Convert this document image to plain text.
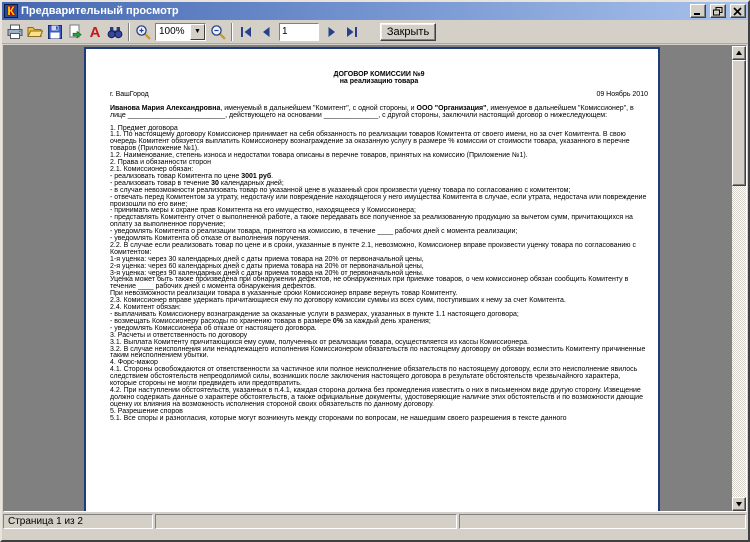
К Предварительный просмотр
A	100%	▼
1	Закрыть
ДОГОВОР КОМИССИИ №9
на реализацию товара
г. ВашГород	09 Ноябрь 2010
Иванова Мария Александровна, именуемый в дальнейшем "Комитент", с одной стороны, и ООО "Организация", именуемое в дальнейшем "Комиссионер", в лице _________________________, действующего на основании ______________, с другой стороны, заключили настоящий договор о нижеследующем:
1. Предмет договора
1.1. По настоящему договору Комиссионер принимает на себя обязанность по реализации товаров Комитента от своего имени, но за счет Комитента. В свою очередь Комитент обязуется выплатить Комиссионеру вознаграждение за оказанную услугу в размере % комиссии от стоимости товара, указанного в перечне товаров (Приложение №1).
1.2. Наименование, степень износа и недостатки товара описаны в перечне товаров, принятых на комиссию (Приложение №1).
2. Права и обязанности сторон
2.1. Комиссионер обязан:
- реализовать товар Комитента по цене 3001 руб.
- реализовать товар в течение 30 календарных дней;
- в случае невозможности реализовать товар по указанной цене в указанный срок произвести уценку товара по согласованию с комитентом;
- отвечать перед Комитентом за утрату, недостачу или повреждение находящегося у него имущества Комитента в случае, если утрата, недостача или повреждение произошли по его вине;
- принимать меры к охране прав Комитента на его имущество, находящееся у Комиссионера;
- представлять Комитенту отчет о выполненной работе, а также передавать все полученное за реализованную продукцию за вычетом сумм, причитающихся на оплату за выполненное поручение;
- уведомлять Комитента о реализации товара, принятого на комиссию, в течение ____ рабочих дней с момента реализации;
- уведомлять Комитента об отказе от выполнения поручения.
2.2. В случае если реализовать товар по цене и в сроки, указанные в пункте 2.1, невозможно, Комиссионер вправе произвести уценку товара по согласованию с Комитентом:
1-я уценка: через 30 календарных дней с даты приема товара на 20% от первоначальной цены,
2-я уценка: через 60 календарных дней с даты приема товара на 20% от первоначальной цены,
3-я уценка: через 90 календарных дней с даты приема товара на 20% от первоначальной цены.
Уценка может быть также произведена при обнаружении дефектов, не обнаруженных при приемке товаров, о чем комиссионер обязан сообщить Комитенту в течение ____ рабочих дней с момента обнаружения дефектов.
При невозможности реализации товара в указанные сроки Комиссионер вправе вернуть товар Комитенту.
2.3. Комиссионер вправе удержать причитающиеся ему по договору комиссии суммы из всех сумм, поступивших к нему за счет Комитента.
2.4. Комитент обязан:
- выплачивать Комиссионеру вознаграждение за оказанные услуги в размерах, указанных в пункте 1.1 настоящего договора;
- возмещать Комиссионеру расходы по хранению товара в размере 0% за каждый день хранения;
- уведомлять Комиссионера об отказе от настоящего договора.
3. Расчеты и ответственность по договору
3.1. Выплата Комитенту причитающихся ему сумм, полученных от реализации товара, осуществляется из кассы Комиссионера.
3.2. В случае неисполнения или ненадлежащего исполнения Комиссионером обязательств по настоящему договору он обязан возместить Комитенту причиненные таким неисполнением убытки.
4. Форс-мажор
4.1. Стороны освобождаются от ответственности за частичное или полное неисполнение обязательств по настоящему договору, если это неисполнение явилось следствием обстоятельств непреодолимой силы, возникших после заключения настоящего договора в результате обстоятельств чрезвычайного характера, которые стороны не могли предвидеть или предотвратить.
4.2. При наступлении обстоятельств, указанных в п.4.1, каждая сторона должна без промедления известить о них в письменном виде другую сторону. Извещение должно содержать данные о характере обстоятельств, а также официальные документы, удостоверяющие наличие этих обстоятельств и по возможности дающие оценку их влияния на возможность исполнения стороной своих обязательств по данному договору.
5. Разрешение споров
5.1. Все споры и разногласия, которые могут возникнуть между сторонами по вопросам, не нашедшим своего разрешения в тексте данного
Страница 1 из 2
